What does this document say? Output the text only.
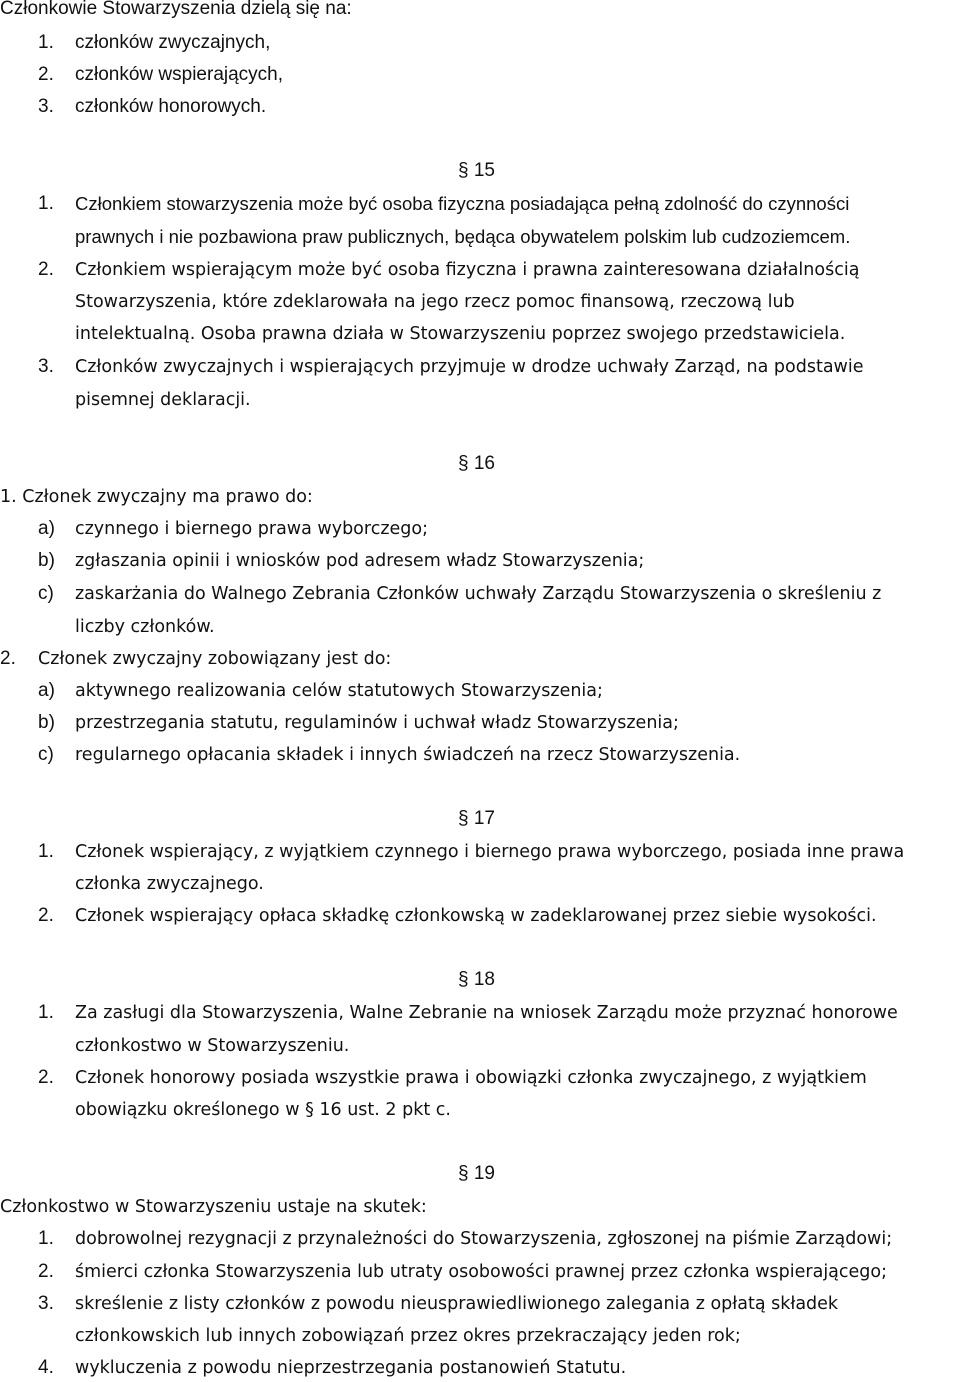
Członkowie Stowarzyszenia dzielą się na:
1. członków zwyczajnych,
2. członków wspierających,
3. członków honorowych.
§ 15
1. Członkiem stowarzyszenia może być osoba fizyczna posiadająca pełną zdolność do czynności
prawnych i nie pozbawiona praw publicznych, będąca obywatelem polskim lub cudzoziemcem.
2. Członkiem wspierającym może być osoba fizyczna i prawna zainteresowana działalnością
Stowarzyszenia, które zdeklarowała na jego rzecz pomoc finansową, rzeczową lub
intelektualną. Osoba prawna działa w Stowarzyszeniu poprzez swojego przedstawiciela.
3. Członków zwyczajnych i wspierających przyjmuje w drodze uchwały Zarząd, na podstawie
pisemnej deklaracji.
§ 16
1. Członek zwyczajny ma prawo do:
a) czynnego i biernego prawa wyborczego;
b) zgłaszania opinii i wniosków pod adresem władz Stowarzyszenia;
c) zaskarżania do Walnego Zebrania Członków uchwały Zarządu Stowarzyszenia o skreśleniu z
liczby członków.
2. Członek zwyczajny zobowiązany jest do:
a) aktywnego realizowania celów statutowych Stowarzyszenia;
b) przestrzegania statutu, regulaminów i uchwał władz Stowarzyszenia;
c) regularnego opłacania składek i innych świadczeń na rzecz Stowarzyszenia.
§ 17
1. Członek wspierający, z wyjątkiem czynnego i biernego prawa wyborczego, posiada inne prawa
członka zwyczajnego.
2. Członek wspierający opłaca składkę członkowską w zadeklarowanej przez siebie wysokości.
§ 18
1. Za zasługi dla Stowarzyszenia, Walne Zebranie na wniosek Zarządu może przyznać honorowe
członkostwo w Stowarzyszeniu.
2. Członek honorowy posiada wszystkie prawa i obowiązki członka zwyczajnego, z wyjątkiem
obowiązku określonego w § 16 ust. 2 pkt c.
§ 19
Członkostwo w Stowarzyszeniu ustaje na skutek:
1. dobrowolnej rezygnacji z przynależności do Stowarzyszenia, zgłoszonej na piśmie Zarządowi;
2. śmierci członka Stowarzyszenia lub utraty osobowości prawnej przez członka wspierającego;
3. skreślenie z listy członków z powodu nieusprawiedliwionego zalegania z opłatą składek
członkowskich lub innych zobowiązań przez okres przekraczający jeden rok;
4. wykluczenia z powodu nieprzestrzegania postanowień Statutu.
